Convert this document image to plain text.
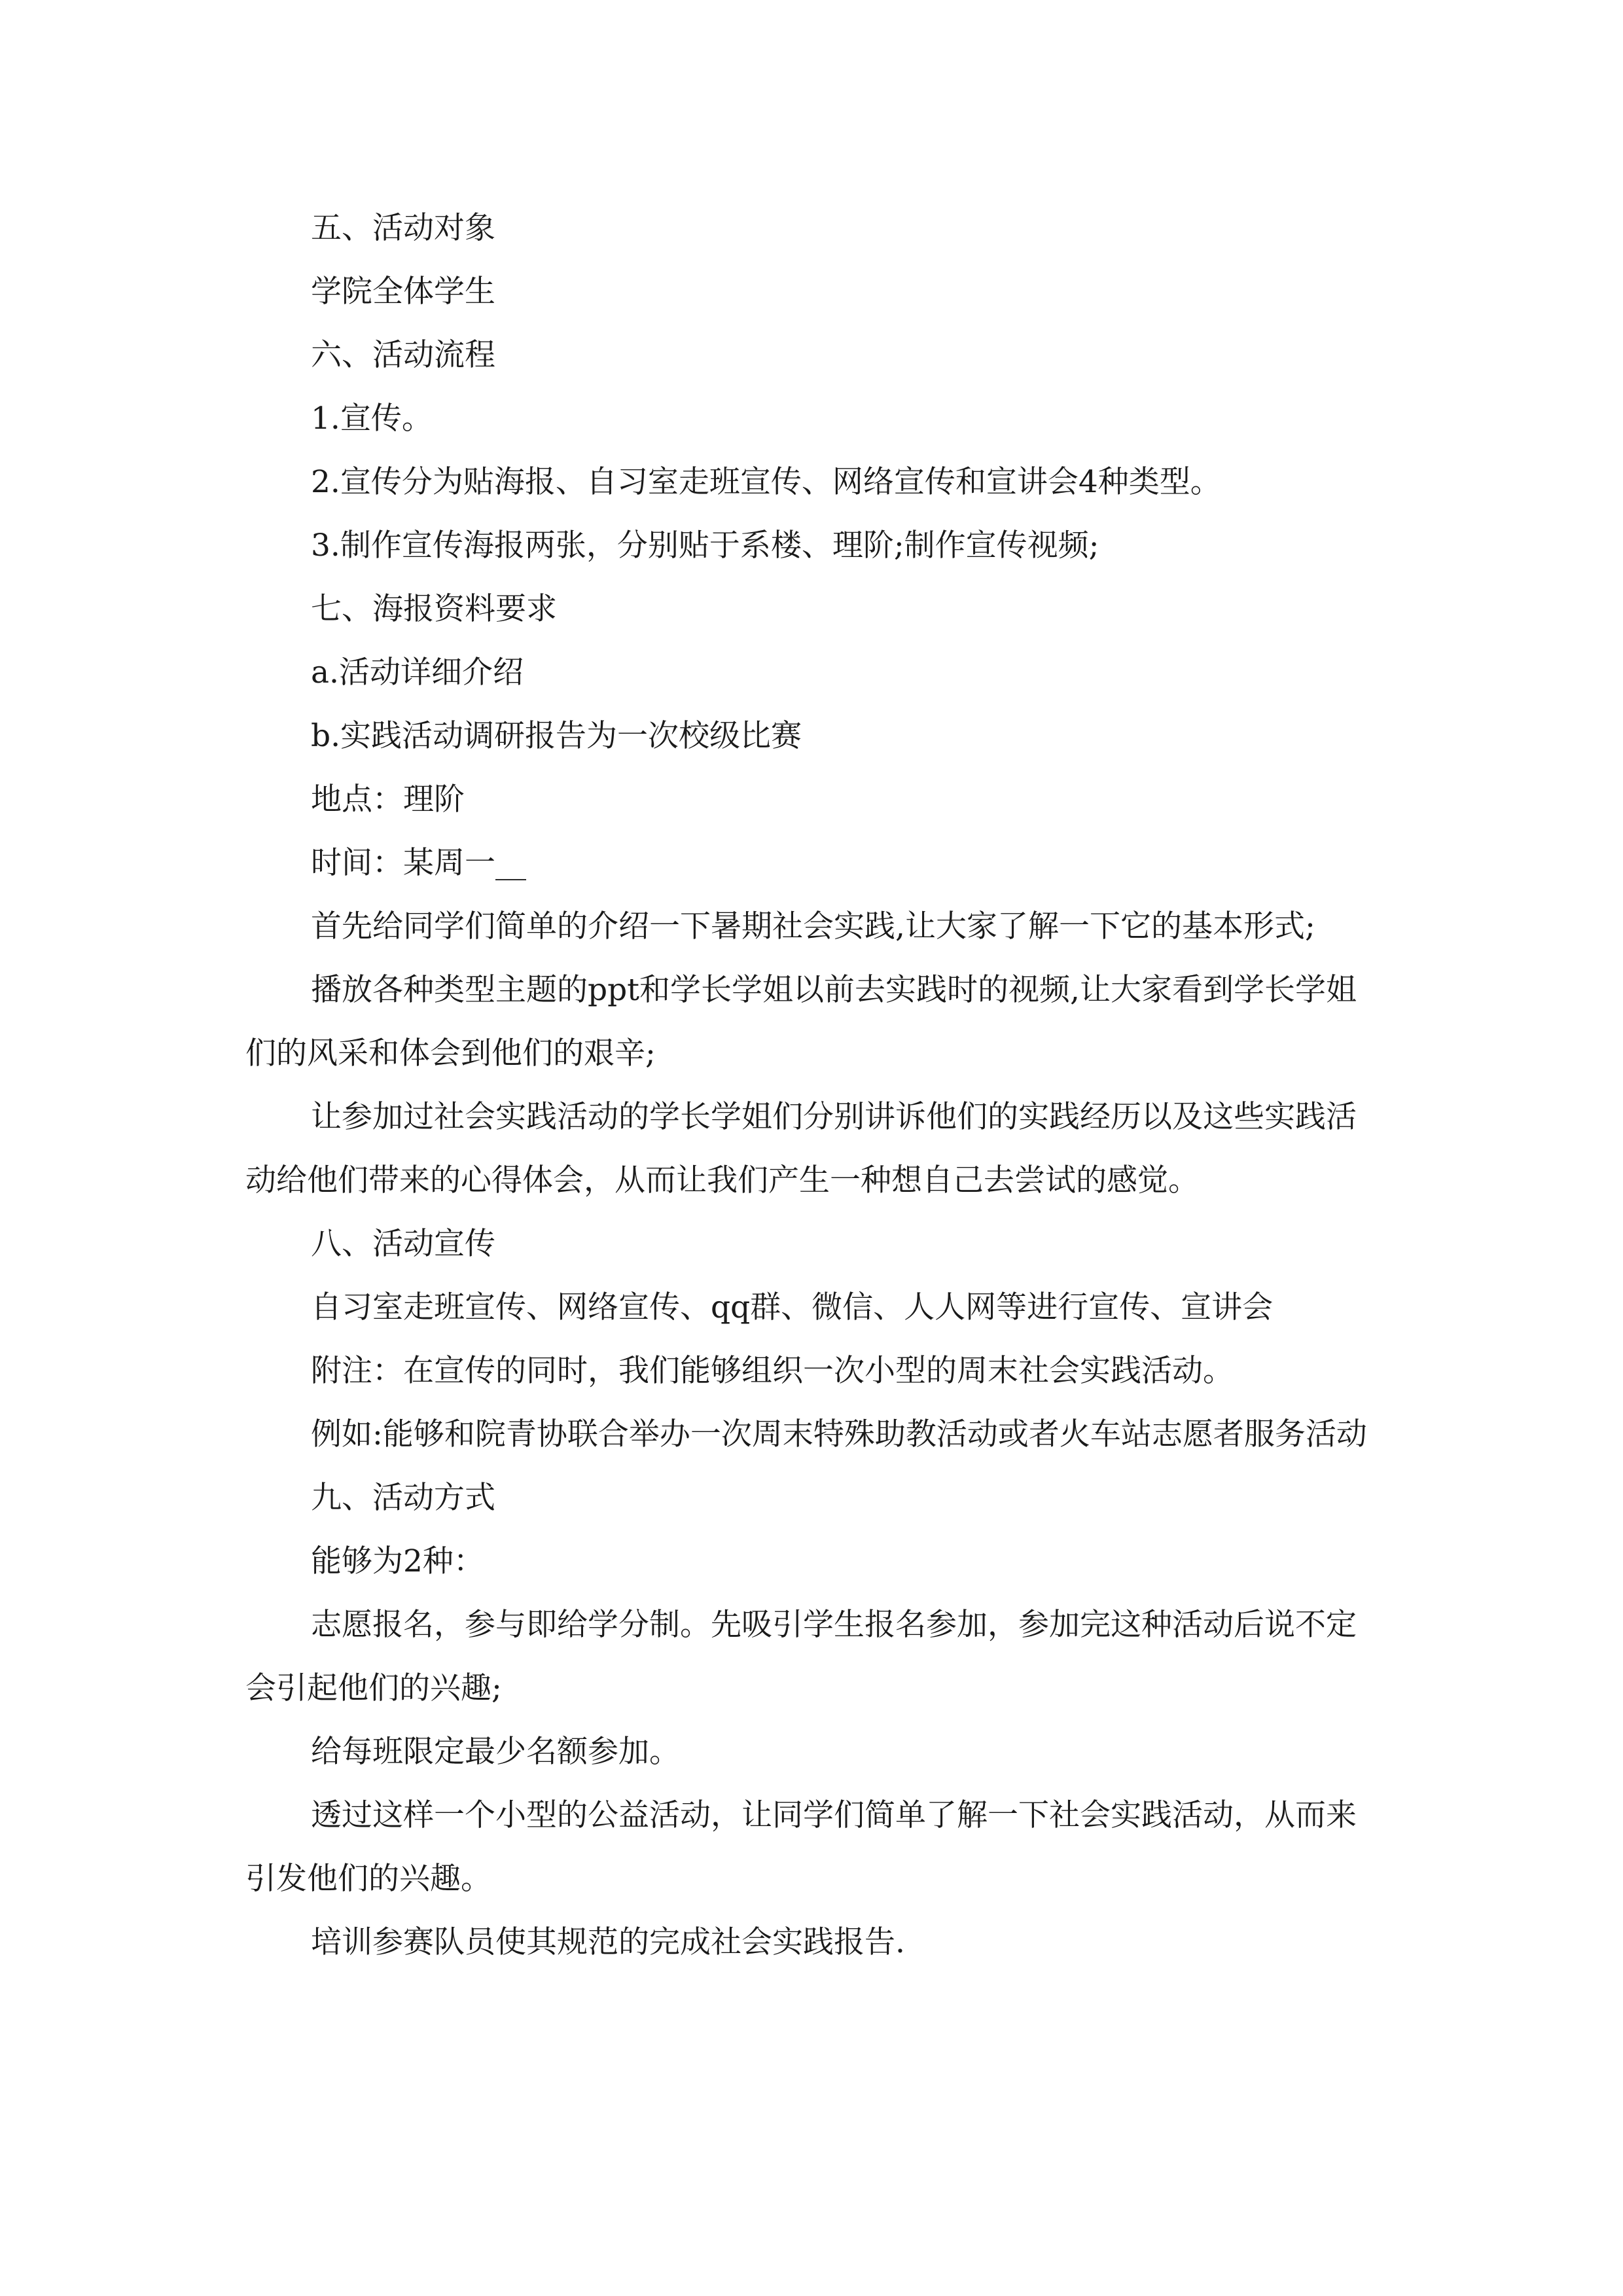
五、活动对象

学院全体学生

六、活动流程

1.宣传。

2.宣传分为贴海报、自习室走班宣传、网络宣传和宣讲会4种类型。

3.制作宣传海报两张，分别贴于系楼、理阶;制作宣传视频;

七、海报资料要求

a.活动详细介绍

b.实践活动调研报告为一次校级比赛

地点：理阶

时间：某周一__

首先给同学们简单的介绍一下暑期社会实践,让大家了解一下它的基本形式;

播放各种类型主题的ppt和学长学姐以前去实践时的视频,让大家看到学长学姐们的风采和体会到他们的艰辛;

让参加过社会实践活动的学长学姐们分别讲诉他们的实践经历以及这些实践活动给他们带来的心得体会，从而让我们产生一种想自己去尝试的感觉。

八、活动宣传

自习室走班宣传、网络宣传、qq群、微信、人人网等进行宣传、宣讲会

附注：在宣传的同时，我们能够组织一次小型的周末社会实践活动。

例如:能够和院青协联合举办一次周末特殊助教活动或者火车站志愿者服务活动

九、活动方式

能够为2种：

志愿报名，参与即给学分制。先吸引学生报名参加，参加完这种活动后说不定会引起他们的兴趣;

给每班限定最少名额参加。

透过这样一个小型的公益活动，让同学们简单了解一下社会实践活动，从而来引发他们的兴趣。

培训参赛队员使其规范的完成社会实践报告.
